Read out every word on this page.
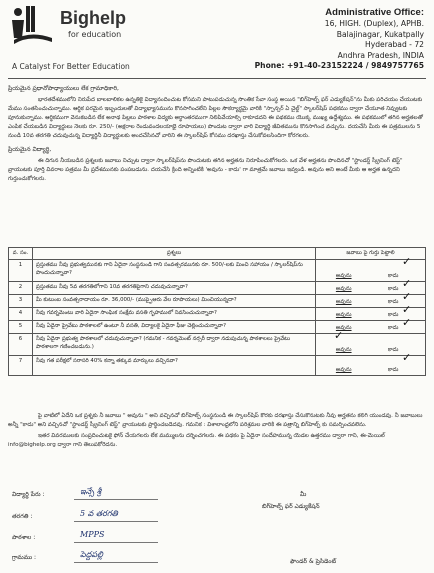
Bighelp
for education
A Catalyst For Better Education
Administrative Office:
16, HIGH. (Duplex), APHB.
Balajinagar, Kukatpally
Hyderabad - 72
Andhra Pradesh, INDIA
Phone: +91-40-23152224 / 9849757765

ప్రియమైన ప్రధానోపాధ్యాయులు లేక గ్రామాధికారి,

భారతదేశములోని నిరుపేద బాలబాలికల ఉన్నతికై విద్యానందించుట కోసమని పాటుపడుచున్న సొంతిక సేవా సంస్థ అయిన "బిగ్‌హెల్ప్ ఫర్ ఎడ్యుకేషన్"ను మీకు పరిచయం చేయుటకు మేము సంతసించుచున్నాము. ఆర్థిక పరమైన ఇబ్బందులతో విద్యాభ్యాసమును కొనసాగించలేని పిల్లల సౌకర్యార్థమై వారికి "స్పాన్సర్ ఏ చైల్డ్" స్కాలర్‌షిప్ పథకము ద్వారా చేయూత నివ్వుటకు పూనుకున్నాము. ఆర్థికముగా వెనుకబడిన లేక అనాథ పిల్లలు పాఠశాల విద్యకు అర్థాంతరముగా నిలిపివేయాల్సి రాకూడదని ఈ పథకము యొక్క ముఖ్య ఉద్దేశ్యము. ఈ పథకములో తగిన అర్హతలతో ఎంపిక చేయబడిన విద్యార్థులు నెలకు రూ. 250/- (అక్షరాల రెండువందలయాభై రూపాయలు) పొందుట ద్వారా వారి విద్యార్థి జీవితమును కొనసాగించ వచ్చును. దయచేసి మీరు ఈ పత్రములను 5 నుండి 10వ తరగతి చదువుచున్న విద్యార్థినీ విద్యార్థులకు అందచేసినచో వారిని ఈ స్కాలర్‌షిప్ కోసము దరఖాస్తు చేసుకోవలసిందిగా కోరగలరు.

ప్రియమైన విద్యార్థి,

ఈ దిగున నీయబడిన ప్రశ్నలకు జవాబు నిచ్చుట ద్వారా స్కాలర్‌షిప్‌ను పొందుటకు తగిన అర్హతను నిరూపించుకోగలరు. ఒక వేళ అర్హతను పొందినచో "స్టాండర్డ్ స్క్రీనింగ్ టెస్ట్" వ్రాయుటకు పూర్తి వివరాల పత్రము మీ ప్రదేశమునకు పంపబడును. దయచేసి క్రింది అన్నింటికి 'అవును - కాదు' గా మాత్రమే జవాబు ఇవ్వండి. అవును అని అంటే మీకు ఆ అర్హత ఉన్నదని గుర్తుంచుకోగలరు.

వ. సం.	ప్రశ్నలు	జవాబు పై గుర్తు పెట్టాలి
1	ప్రస్తుతము నీవు ప్రభుత్వమునకు గాని ఏదైనా సంస్థనుండి గాని సంవత్సరమునకు రూ. 500/-లకు మించి సహాయం / స్కాలర్‌షిప్‌ను పొందుచున్నావా?	అవును కాదు
✓

2	ప్రస్తుతము నీవు 5వ తరగతిలోగాని 10వ తరగతిపైగాని చదువుచున్నావా?	అవును కాదు ✓

3	మీ కుటుంబ సంవత్సరాదాయం రూ. 36,000/- (ముప్ఫైఆరు వేల రూపాయలు) మించియున్నదా?	అవును కాదు ✓

4	నీవు గవర్నమెంటు వారి ఏదైనా సాంఘిక సంక్షేమ వసతి గృహములో నివసించుచున్నావా?	అవును కాదు ✓

5	నీవు ఏదైనా ప్రైవేటు పాఠశాలలో ఉంటూ నీ వసతి, విద్యాలకై ఏదైనా ఫీజు చెల్లించుచున్నావా?	అవును కాదు ✓

6	నీవు ఏదైనా ప్రభుత్వ పాఠశాలలో చదువుచున్నావా? (గమనిక - గవర్నమెంట్ నర్సరీ ద్వారా నడుపుచున్న పాఠశాలలు ప్రైవేటు పాఠశాలగా గణించబడును.)	అవును కాదు
✓

7	నీవు గత పరీక్షలో సరాసరి 40% కన్నా తక్కువ మార్కులు వచ్చినవా?	అవును కాదు
✓

పై వాటిలో ఏదేని ఒక ప్రశ్నకు నీ జవాబు " అవును " అని వచ్చినచో బిగ్‌హెల్ప్ సంస్థనుండి ఈ స్కాలర్‌షిప్ కొరకు దరఖాస్తు చేసుకొనుటకు నీవు అర్హతను కలిగి యుండవు. నీ జవాబులు అన్నీ "కాదు" అని వచ్చినచో "స్టాండర్డ్ స్క్రీనింగ్ టెస్ట్" వ్రాయుటకు ప్రార్థించబడెదవు. గమనిక : విశాలాంధ్రలోని పరిశ్రమల వారికి ఈ పత్రాన్ని బిగ్‌హెల్ప్ కు సమర్పించవలెను.

ఇతర వివరములకు సంప్రదించుటకై ఫోన్ చేయగలరు లేక మమ్ములను దర్శించగలరు. ఈ పథకం పై ఏదైనా సందేహమున్న యెడల ఉత్తరము ద్వారా గాని, ఈ-మెయిల్ info@bighelp.org ద్వారా గాని తెలుపకోరెదను.

విద్యార్థి పేరు :	ఇన్సే శ్రీ
తరగతి :	5 వ తరగతి
పాఠశాల :	MPPS
గ్రామము :	పెద్దపల్లి
మీ
బిగ్‌హెల్ప్ ఫర్ ఎడ్యుకేషన్
ఫౌండర్ & ప్రెసిడెంట్
